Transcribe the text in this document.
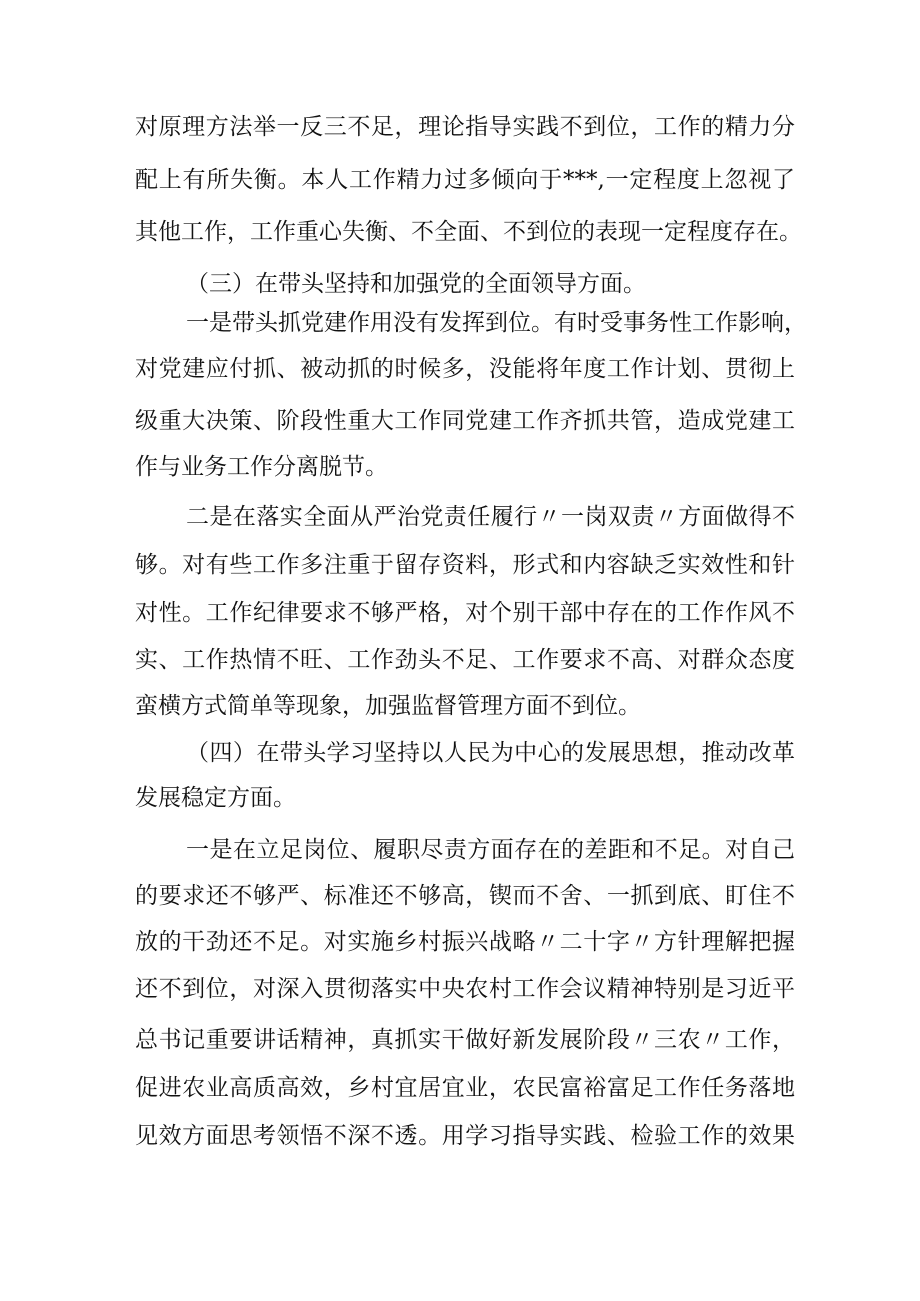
对原理方法举一反三不足，理论指导实践不到位，工作的精力分
配上有所失衡。本人工作精力过多倾向于***,一定程度上忽视了
其他工作，工作重心失衡、不全面、不到位的表现一定程度存在。
（三）在带头坚持和加强党的全面领导方面。
一是带头抓党建作用没有发挥到位。有时受事务性工作影响，
对党建应付抓、被动抓的时候多，没能将年度工作计划、贯彻上
级重大决策、阶段性重大工作同党建工作齐抓共管，造成党建工
作与业务工作分离脱节。
二是在落实全面从严治党责任履行〃一岗双责〃方面做得不
够。对有些工作多注重于留存资料，形式和内容缺乏实效性和针
对性。工作纪律要求不够严格，对个别干部中存在的工作作风不
实、工作热情不旺、工作劲头不足、工作要求不高、对群众态度
蛮横方式简单等现象，加强监督管理方面不到位。
（四）在带头学习坚持以人民为中心的发展思想，推动改革
发展稳定方面。
一是在立足岗位、履职尽责方面存在的差距和不足。对自己
的要求还不够严、标准还不够高，锲而不舍、一抓到底、盯住不
放的干劲还不足。对实施乡村振兴战略〃二十字〃方针理解把握
还不到位，对深入贯彻落实中央农村工作会议精神特别是习近平
总书记重要讲话精神，真抓实干做好新发展阶段〃三农〃工作，
促进农业高质高效，乡村宜居宜业，农民富裕富足工作任务落地
见效方面思考领悟不深不透。用学习指导实践、检验工作的效果
